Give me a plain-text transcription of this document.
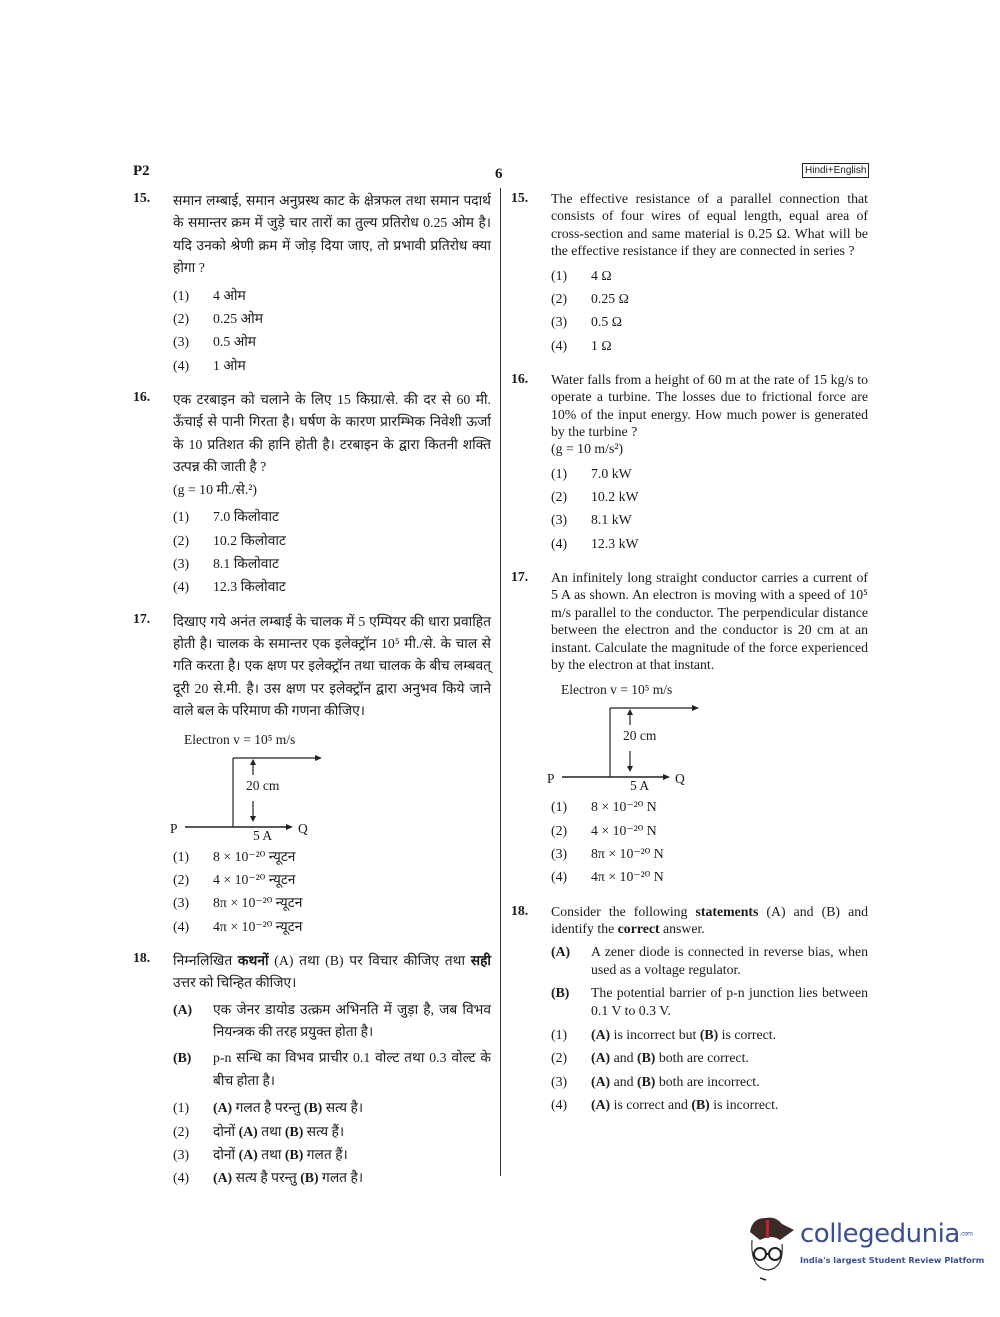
P2	6	Hindi+English
15.	समान लम्बाई, समान अनुप्रस्थ काट के क्षेत्रफल तथा समान पदार्थ के समान्तर क्रम में जुड़े चार तारों का तुल्य प्रतिरोध 0.25 ओम है। यदि उनको श्रेणी क्रम में जोड़ दिया जाए, तो प्रभावी प्रतिरोध क्या होगा ?
(1) 4 ओम
(2) 0.25 ओम
(3) 0.5 ओम
(4) 1 ओम
16.	एक टरबाइन को चलाने के लिए 15 किग्रा/से. की दर से 60 मी. ऊँचाई से पानी गिरता है। घर्षण के कारण प्रारम्भिक निवेशी ऊर्जा के 10 प्रतिशत की हानि होती है। टरबाइन के द्वारा कितनी शक्ति उत्पन्न की जाती है ?
(g = 10 मी./से.²)
(1) 7.0 किलोवाट
(2) 10.2 किलोवाट
(3) 8.1 किलोवाट
(4) 12.3 किलोवाट
17.	दिखाए गये अनंत लम्बाई के चालक में 5 एम्पियर की धारा प्रवाहित होती है। चालक के समान्तर एक इलेक्ट्रॉन 10⁵ मी./से. के चाल से गति करता है। एक क्षण पर इलेक्ट्रॉन तथा चालक के बीच लम्बवत् दूरी 20 से.मी. है। उस क्षण पर इलेक्ट्रॉन द्वारा अनुभव किये जाने वाले बल के परिमाण की गणना कीजिए।
Electron v = 10⁵ m/s
20 cm
P	5 A Q
(1) 8 × 10⁻²⁰ न्यूटन
(2) 4 × 10⁻²⁰ न्यूटन
(3) 8π × 10⁻²⁰ न्यूटन
(4) 4π × 10⁻²⁰ न्यूटन
18.	निम्नलिखित कथनों (A) तथा (B) पर विचार कीजिए तथा सही उत्तर को चिन्हित कीजिए।
(A)	एक जेनर डायोड उत्क्रम अभिनति में जुड़ा है, जब विभव नियन्त्रक की तरह प्रयुक्त होता है।
(B)	p-n सन्धि का विभव प्राचीर 0.1 वोल्ट तथा 0.3 वोल्ट के बीच होता है।
(1) (A) गलत है परन्तु (B) सत्य है।
(2) दोनों (A) तथा (B) सत्य हैं।
(3) दोनों (A) तथा (B) गलत हैं।
(4) (A) सत्य है परन्तु (B) गलत है।
15.	The effective resistance of a parallel connection that consists of four wires of equal length, equal area of cross-section and same material is 0.25 Ω. What will be the effective resistance if they are connected in series ?
(1) 4 Ω
(2) 0.25 Ω
(3) 0.5 Ω
(4) 1 Ω
16.	Water falls from a height of 60 m at the rate of 15 kg/s to operate a turbine. The losses due to frictional force are 10% of the input energy. How much power is generated by the turbine ?
(g = 10 m/s²)
(1) 7.0 kW
(2) 10.2 kW
(3) 8.1 kW
(4) 12.3 kW
17.	An infinitely long straight conductor carries a current of 5 A as shown. An electron is moving with a speed of 10⁵ m/s parallel to the conductor. The perpendicular distance between the electron and the conductor is 20 cm at an instant. Calculate the magnitude of the force experienced by the electron at that instant.
Electron v = 10⁵ m/s
20 cm
P	5 A Q
(1) 8 × 10⁻²⁰ N
(2) 4 × 10⁻²⁰ N
(3) 8π × 10⁻²⁰ N
(4) 4π × 10⁻²⁰ N
18.	Consider the following statements (A) and (B) and identify the correct answer.
(A)	A zener diode is connected in reverse bias, when used as a voltage regulator.
(B)	The potential barrier of p-n junction lies between 0.1 V to 0.3 V.
(1) (A) is incorrect but (B) is correct.
(2) (A) and (B) both are correct.
(3) (A) and (B) both are incorrect.
(4) (A) is correct and (B) is incorrect.
collegedunia.com
India's largest Student Review Platform
